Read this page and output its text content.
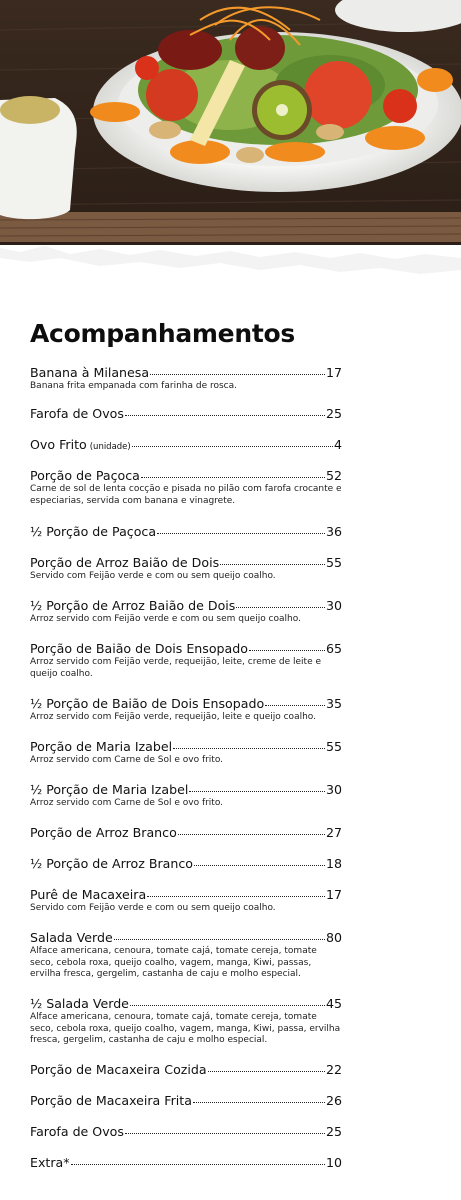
Acompanhamentos
Banana à Milanesa	17
Banana frita empanada com farinha de rosca.
Farofa de Ovos	25
Ovo Frito (unidade)	4
Porção de Paçoca	52
Carne de sol de lenta cocção e pisada no pilão com farofa crocante e especiarias, servida com banana e vinagrete.
½ Porção de Paçoca	36
Porção de Arroz Baião de Dois	55
Servido com Feijão verde e com ou sem queijo coalho.
½ Porção de Arroz Baião de Dois	30
Arroz servido com Feijão verde e com ou sem queijo coalho.
Porção de Baião de Dois Ensopado	65
Arroz servido com Feijão verde, requeijão, leite, creme de leite e queijo coalho.
½ Porção de Baião de Dois Ensopado	35
Arroz servido com Feijão verde, requeijão, leite e queijo coalho.
Porção de Maria Izabel	55
Arroz servido com Carne de Sol e ovo frito.
½ Porção de Maria Izabel	30
Arroz servido com Carne de Sol e ovo frito.
Porção de Arroz Branco	27
½ Porção de Arroz Branco	18
Purê de Macaxeira	17
Servido com Feijão verde e com ou sem queijo coalho.
Salada Verde	80
Alface americana, cenoura, tomate cajá, tomate cereja, tomate seco, cebola roxa, queijo coalho, vagem, manga, Kiwi, passas, ervilha fresca, gergelim, castanha de caju e molho especial.
½ Salada Verde	45
Alface americana, cenoura, tomate cajá, tomate cereja, tomate seco, cebola roxa, queijo coalho, vagem, manga, Kiwi, passa, ervilha fresca, gergelim, castanha de caju e molho especial.
Porção de Macaxeira Cozida	22
Porção de Macaxeira Frita	26
Farofa de Ovos	25
Extra*	10
